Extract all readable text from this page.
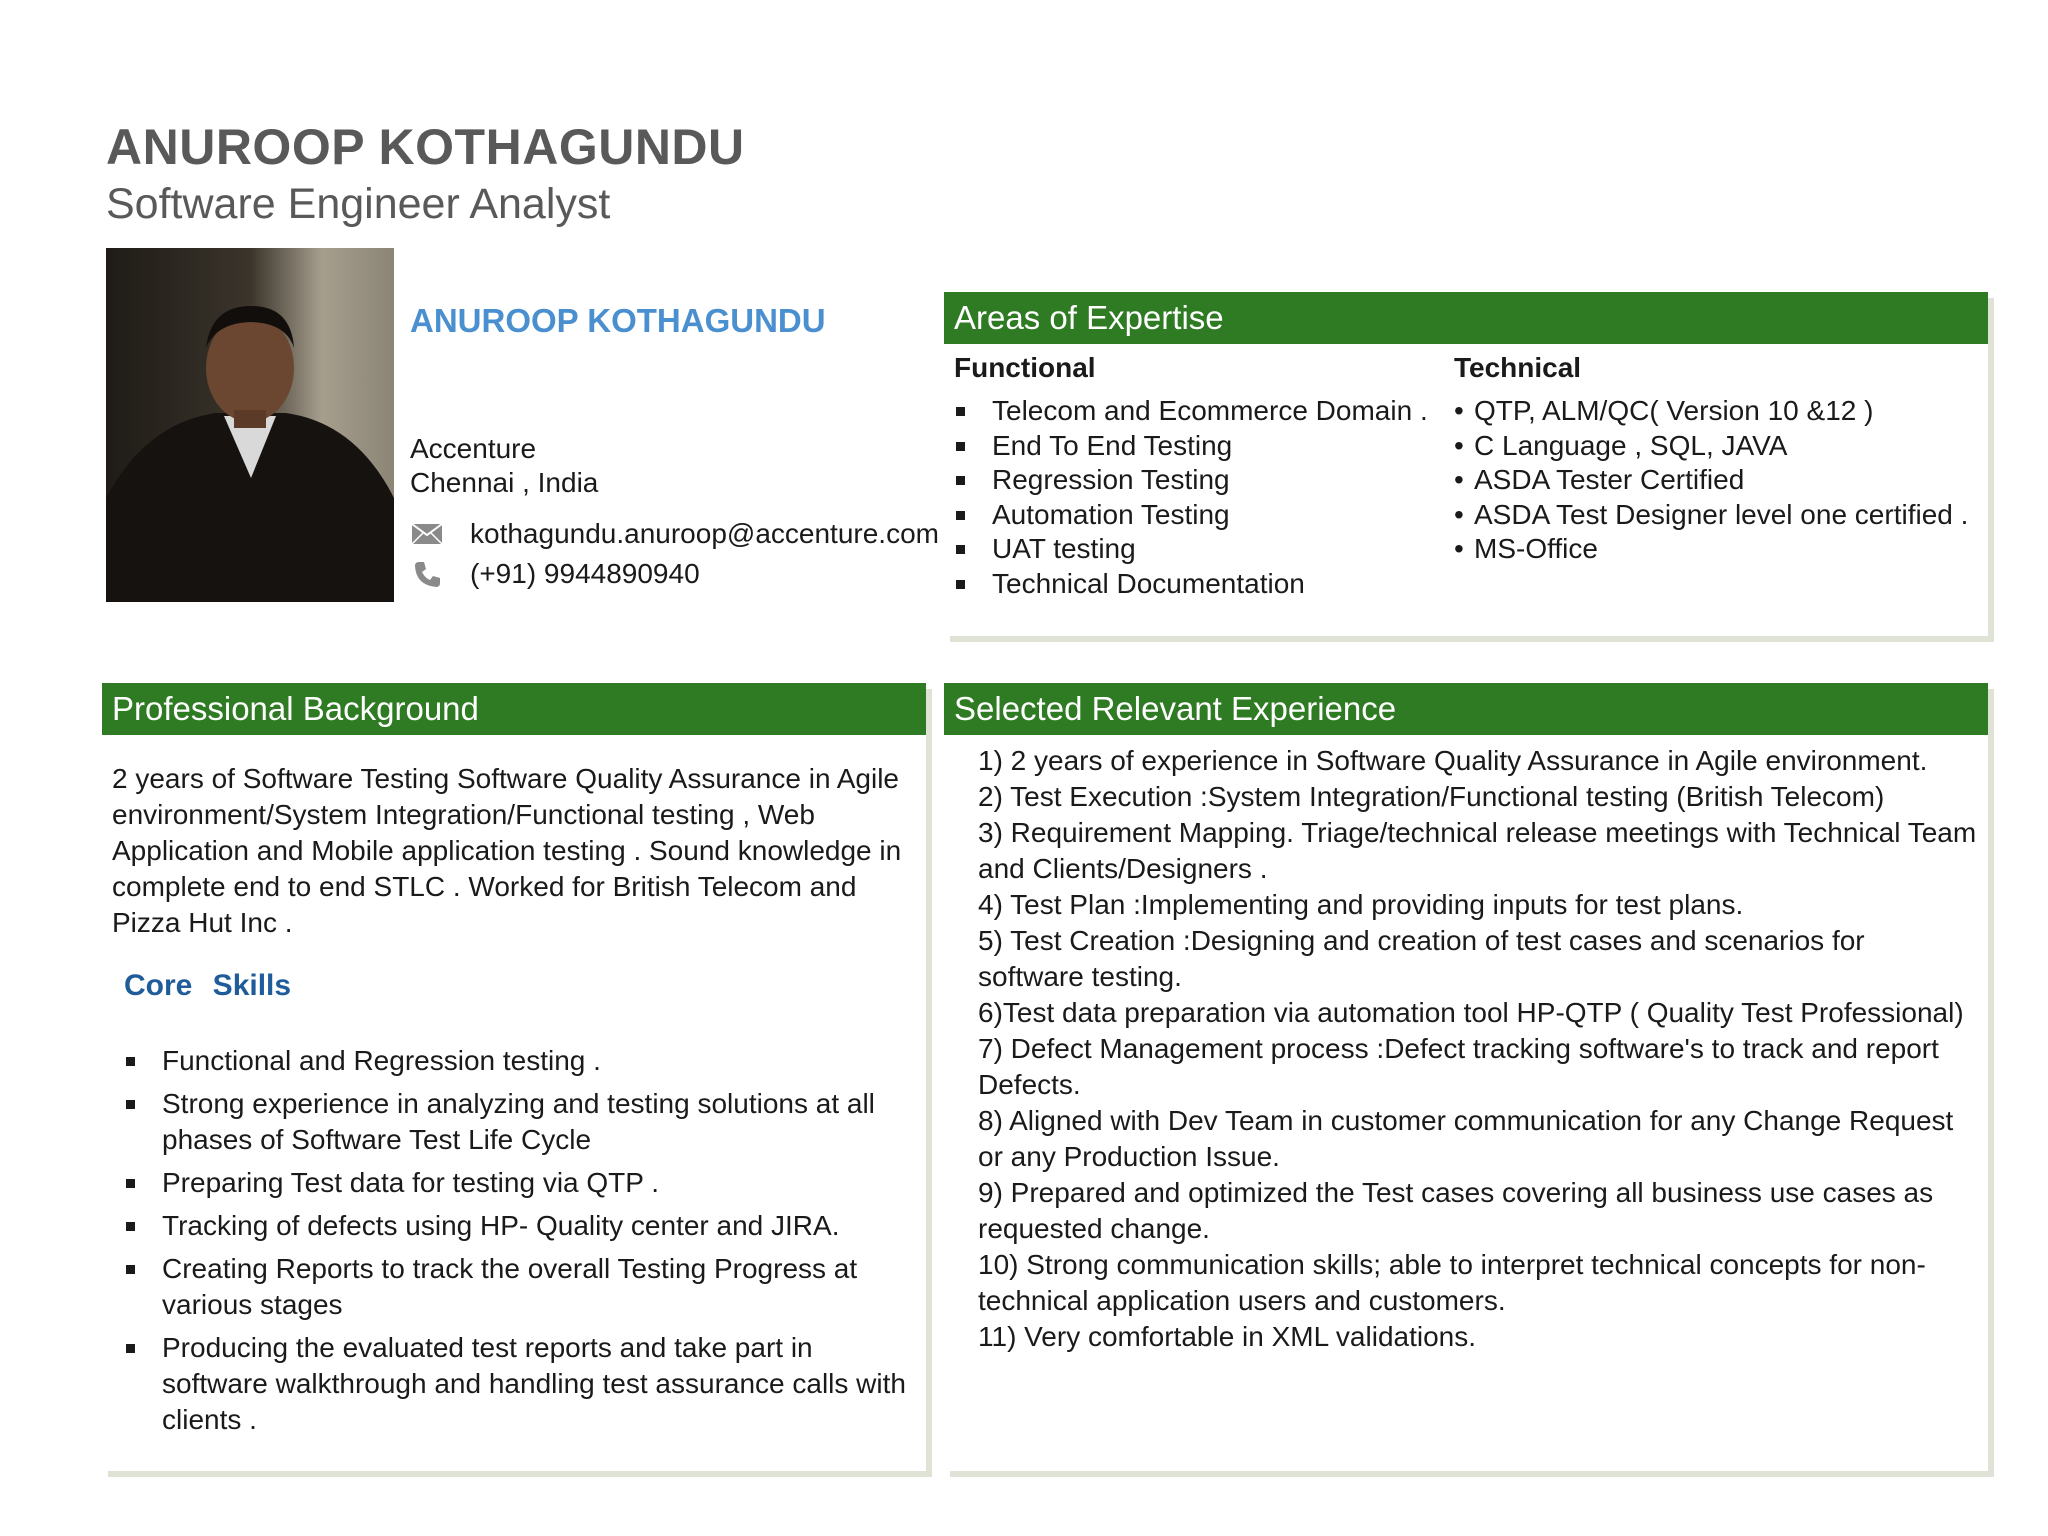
ANUROOP KOTHAGUNDU
Software Engineer Analyst
ANUROOP KOTHAGUNDU
Accenture
Chennai , India
kothagundu.anuroop@accenture.com
(+91) 9944890940
Areas of Expertise
Functional
Telecom and Ecommerce Domain .
End To End Testing
Regression Testing
Automation Testing
UAT testing
Technical Documentation
Technical
• QTP, ALM/QC( Version 10 &12 )
• C Language , SQL, JAVA
• ASDA Tester Certified
• ASDA Test Designer level one certified .
• MS-Office
Professional Background
2 years of Software Testing Software Quality Assurance in Agile environment/System Integration/Functional testing , Web Application and Mobile application testing . Sound knowledge in complete end to end STLC . Worked for British Telecom and Pizza Hut Inc .
Core Skills
Functional and Regression testing .
Strong experience in analyzing and testing solutions at all phases of Software Test Life Cycle
Preparing Test data for testing via QTP .
Tracking of defects using HP- Quality center and JIRA.
Creating Reports to track the overall Testing Progress at various stages
Producing the evaluated test reports and take part in software walkthrough and handling test assurance calls with clients .
Selected Relevant Experience
1) 2 years of experience in Software Quality Assurance in Agile environment.
2) Test Execution :System Integration/Functional testing (British Telecom)
3) Requirement Mapping. Triage/technical release meetings with Technical Team and Clients/Designers .
4) Test Plan :Implementing and providing inputs for test plans.
5) Test Creation :Designing and creation of test cases and scenarios for software testing.
6)Test data preparation via automation tool HP-QTP ( Quality Test Professional)
7) Defect Management process :Defect tracking software's to track and report Defects.
8) Aligned with Dev Team in customer communication for any Change Request or any Production Issue.
9) Prepared and optimized the Test cases covering all business use cases as requested change.
10) Strong communication skills; able to interpret technical concepts for non-technical application users and customers.
11) Very comfortable in XML validations.
